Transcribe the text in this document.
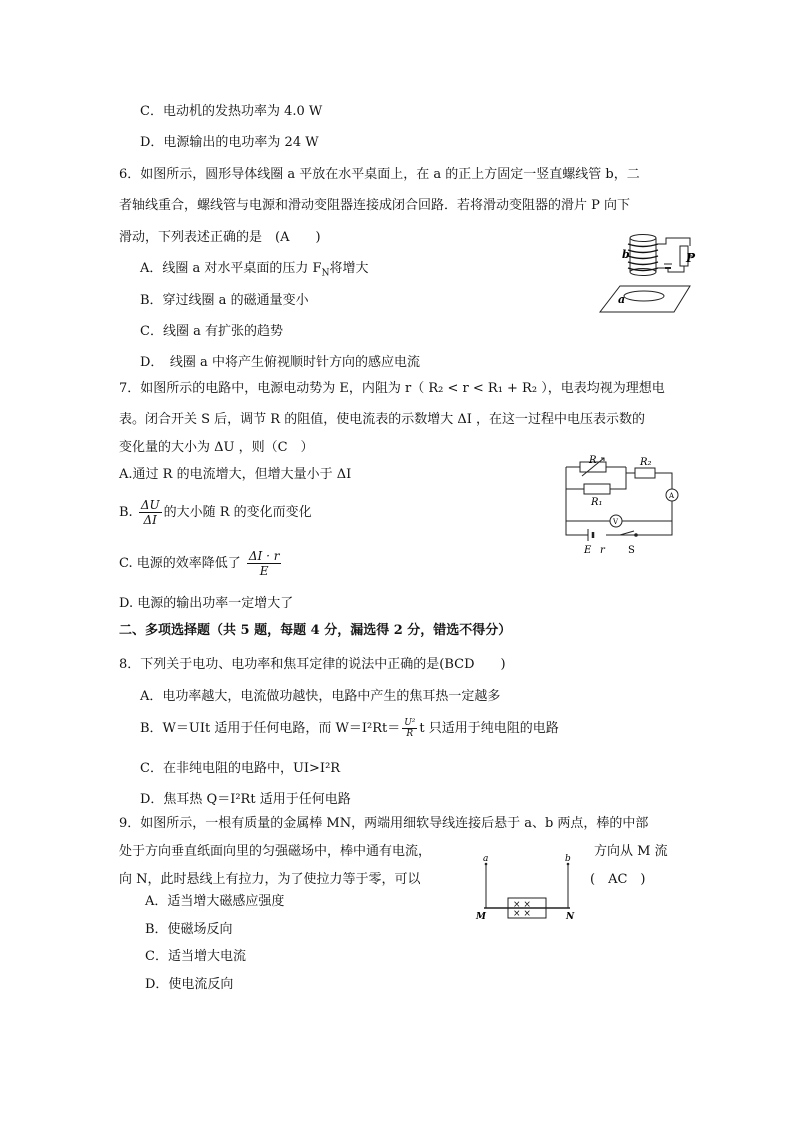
C．电动机的发热功率为 4.0 W
D．电源输出的电功率为 24 W
6．如图所示，圆形导体线圈 a 平放在水平桌面上，在 a 的正上方固定一竖直螺线管 b，二
者轴线重合，螺线管与电源和滑动变阻器连接成闭合回路．若将滑动变阻器的滑片 P 向下
滑动，下列表述正确的是　(A　　)
A．线圈 a 对水平桌面的压力 $F_N$将增大
B．穿过线圈 a 的磁通量变小
C．线圈 a 有扩张的趋势
D．　线圈 a 中将产生俯视顺时针方向的感应电流
b	P
a
7．如图所示的电路中，电源电动势为 E，内阻为 r（ R₂ < r < R₁ + R₂ ），电表均视为理想电
表。闭合开关 S 后，调节 R 的阻值，使电流表的示数增大 ΔI ，在这一过程中电压表示数的
变化量的大小为 ΔU ，则（C　）
A.通过 R 的电流增大，但增大量小于 ΔI
B. $\frac{\Delta U}{\Delta I}$ 的大小随 R 的变化而变化
C. 电源的效率降低了 $\frac{\Delta I \cdot r}{E}$
D. 电源的输出功率一定增大了
R	R₂
R₁
A
V
E r S
二、多项选择题（共 5 题，每题 4 分，漏选得 2 分，错选不得分）
8．下列关于电功、电功率和焦耳定律的说法中正确的是(BCD　　)
A．电功率越大，电流做功越快，电路中产生的焦耳热一定越多
B．W＝UIt 适用于任何电路，而 $W=I^2Rt= \frac{\text{U²}}{R}$ t 只适用于纯电阻的电路
C．在非纯电阻的电路中，UI>I²R
D．焦耳热 Q＝I²Rt 适用于任何电路
9．如图所示，一根有质量的金属棒 MN，两端用细软导线连接后悬于 a、b 两点，棒的中部
处于方向垂直纸面向里的匀强磁场中，棒中通有电流，	方向从 M 流
向 N，此时悬线上有拉力，为了使拉力等于零，可以	(　AC　)
A．适当增大磁感应强度
B．使磁场反向
C．适当增大电流
D．使电流反向
× ×
× ×
a	b
M	N
